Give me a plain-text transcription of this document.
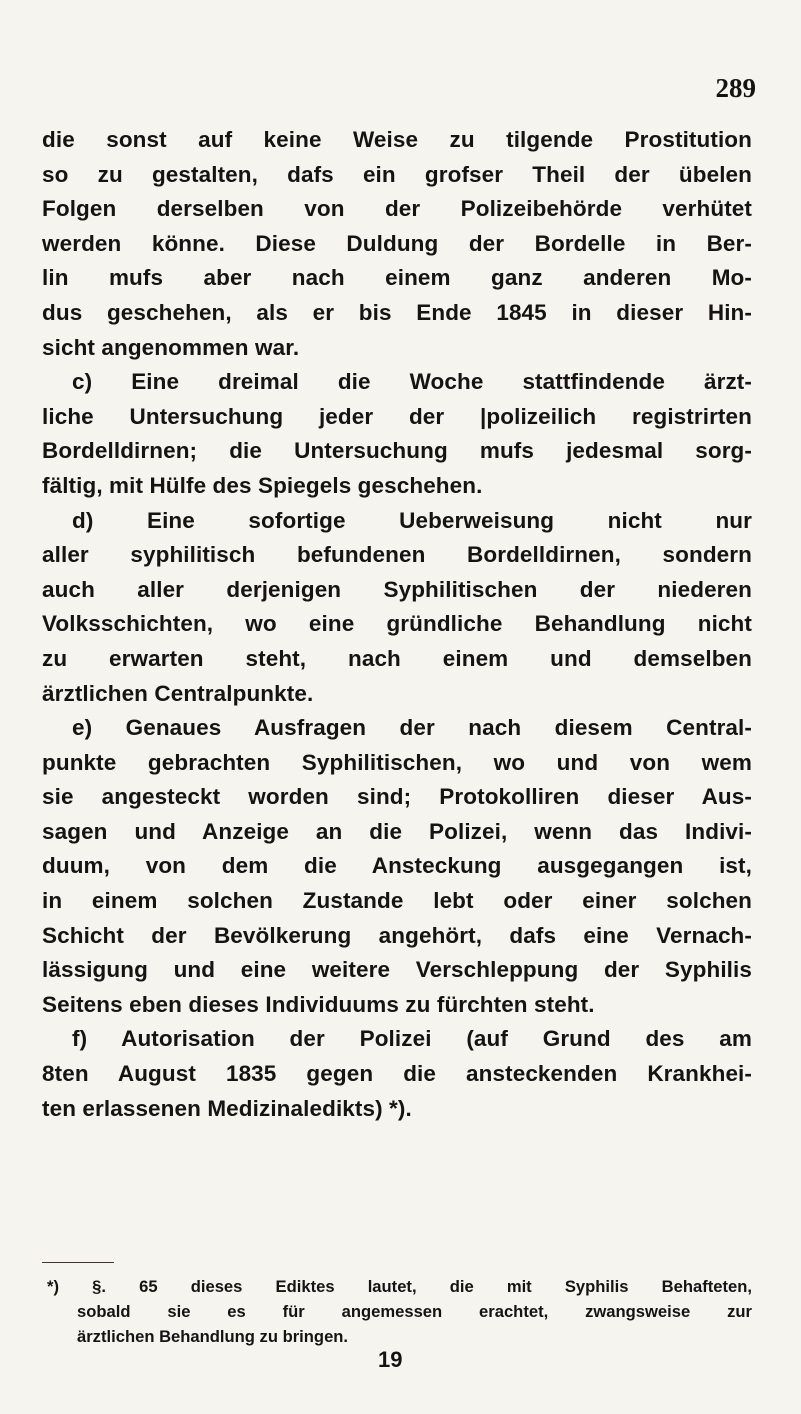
289
die sonst auf keine Weise zu tilgende Prostitution
so zu gestalten, dafs ein grofser Theil der übelen
Folgen derselben von der Polizeibehörde verhütet
werden könne. Diese Duldung der Bordelle in Ber-
lin mufs aber nach einem ganz anderen Mo-
dus geschehen, als er bis Ende 1845 in dieser Hin-
sicht angenommen war.
c) Eine dreimal die Woche stattfindende ärzt-
liche Untersuchung jeder der |polizeilich registrirten
Bordelldirnen; die Untersuchung mufs jedesmal sorg-
fältig, mit Hülfe des Spiegels geschehen.
d) Eine sofortige Ueberweisung nicht nur
aller syphilitisch befundenen Bordelldirnen, sondern
auch aller derjenigen Syphilitischen der niederen
Volksschichten, wo eine gründliche Behandlung nicht
zu erwarten steht, nach einem und demselben
ärztlichen Centralpunkte.
e) Genaues Ausfragen der nach diesem Central-
punkte gebrachten Syphilitischen, wo und von wem
sie angesteckt worden sind; Protokolliren dieser Aus-
sagen und Anzeige an die Polizei, wenn das Indivi-
duum, von dem die Ansteckung ausgegangen ist,
in einem solchen Zustande lebt oder einer solchen
Schicht der Bevölkerung angehört, dafs eine Vernach-
lässigung und eine weitere Verschleppung der Syphilis
Seitens eben dieses Individuums zu fürchten steht.
f) Autorisation der Polizei (auf Grund des am
8ten August 1835 gegen die ansteckenden Krankhei-
ten erlassenen Medizinaledikts) *).
*) §. 65 dieses Ediktes lautet, die mit Syphilis Behafteten,
sobald sie es für angemessen erachtet, zwangsweise zur
ärztlichen Behandlung zu bringen.
19
